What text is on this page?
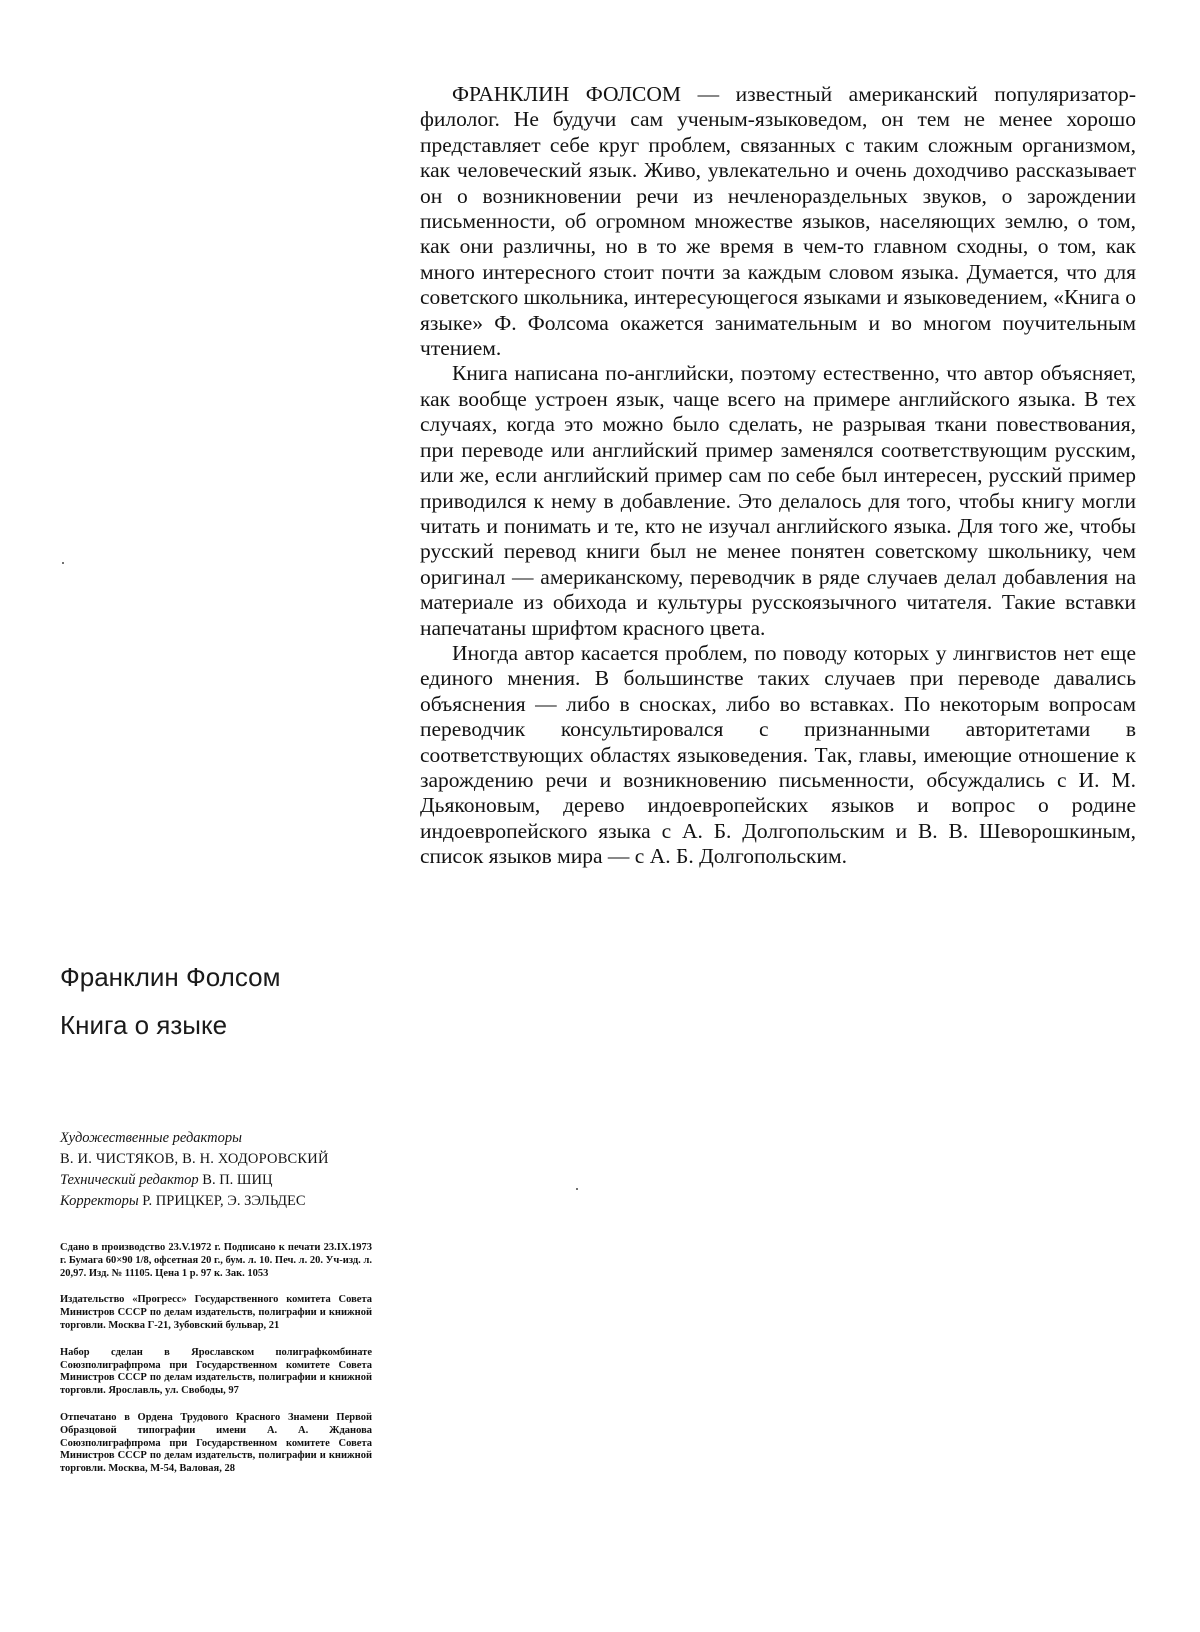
ФРАНКЛИН ФОЛСОМ — известный американский популяризатор-филолог. Не будучи сам ученым-языковедом, он тем не менее хорошо представляет себе круг проблем, связанных с таким сложным организмом, как человеческий язык. Живо, увлекательно и очень доходчиво рассказывает он о возникновении речи из нечленораздельных звуков, о зарождении письменности, об огромном множестве языков, населяющих землю, о том, как они различны, но в то же время в чем-то главном сходны, о том, как много интересного стоит почти за каждым словом языка. Думается, что для советского школьника, интересующегося языками и языковедением, «Книга о языке» Ф. Фолсома окажется занимательным и во многом поучительным чтением.

Книга написана по-английски, поэтому естественно, что автор объясняет, как вообще устроен язык, чаще всего на примере английского языка. В тех случаях, когда это можно было сделать, не разрывая ткани повествования, при переводе или английский пример заменялся соответствующим русским, или же, если английский пример сам по себе был интересен, русский пример приводился к нему в добавление. Это делалось для того, чтобы книгу могли читать и понимать и те, кто не изучал английского языка. Для того же, чтобы русский перевод книги был не менее понятен советскому школьнику, чем оригинал — американскому, переводчик в ряде случаев делал добавления на материале из обихода и культуры русскоязычного читателя. Такие вставки напечатаны шрифтом красного цвета.

Иногда автор касается проблем, по поводу которых у лингвистов нет еще единого мнения. В большинстве таких случаев при переводе давались объяснения — либо в сносках, либо во вставках. По некоторым вопросам переводчик консультировался с признанными авторитетами в соответствующих областях языковедения. Так, главы, имеющие отношение к зарождению речи и возникновению письменности, обсуждались с И. М. Дьяконовым, дерево индоевропейских языков и вопрос о родине индоевропейского языка с А. Б. Долгопольским и В. В. Шеворошкиным, список языков мира — с А. Б. Долгопольским.

Франклин Фолсом
Книга о языке
Художественные редакторы
В. И. ЧИСТЯКОВ, В. Н. ХОДОРОВСКИЙ
Технический редактор В. П. ШИЦ
Корректоры Р. ПРИЦКЕР, Э. ЗЭЛЬДЕС

Сдано в производство 23.V.1972 г. Подписано к печати 23.IX.1973 г. Бумага 60×90 1/8, офсетная 20 г., бум. л. 10. Печ. л. 20. Уч-изд. л. 20,97. Изд. № 11105. Цена 1 р. 97 к. Зак. 1053

Издательство «Прогресс» Государственного комитета Совета Министров СССР по делам издательств, полиграфии и книжной торговли. Москва Г-21, Зубовский бульвар, 21

Набор сделан в Ярославском полиграфкомбинате Союзполиграфпрома при Государственном комитете Совета Министров СССР по делам издательств, полиграфии и книжной торговли. Ярославль, ул. Свободы, 97

Отпечатано в Ордена Трудового Красного Знамени Первой Образцовой типографии имени А. А. Жданова Союзполиграфпрома при Государственном комитете Совета Министров СССР по делам издательств, полиграфии и книжной торговли. Москва, М-54, Валовая, 28
